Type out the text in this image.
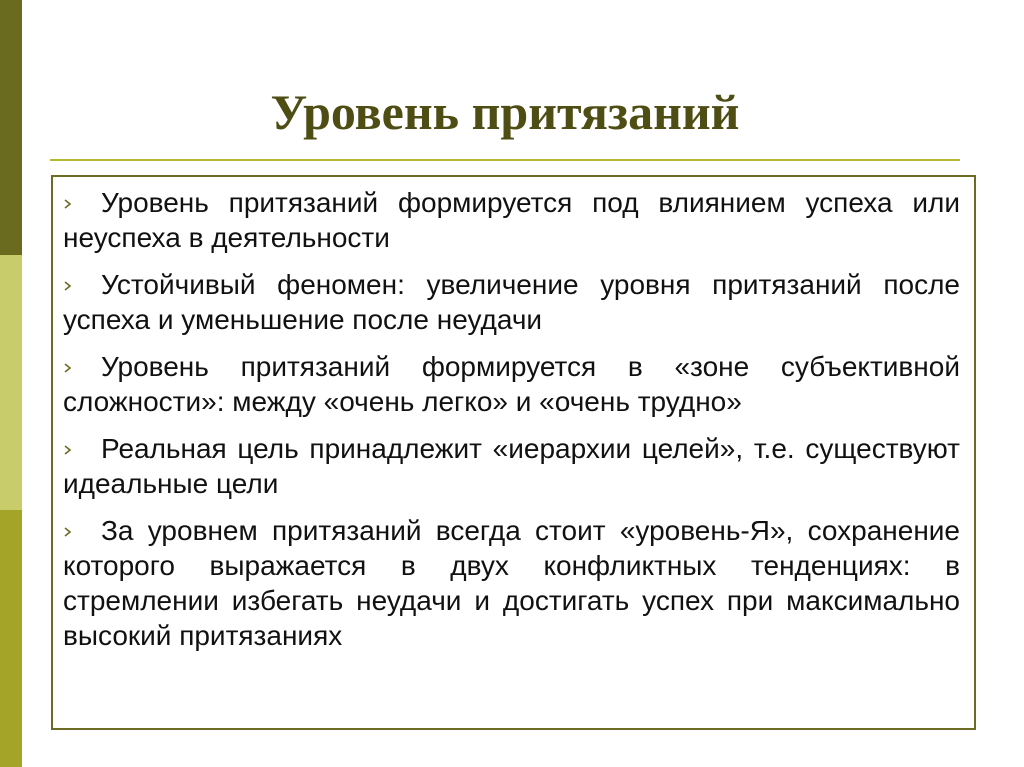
Уровень притязаний
Уровень притязаний формируется под влиянием успеха или неуспеха в деятельности
Устойчивый феномен: увеличение уровня притязаний после успеха и уменьшение после неудачи
Уровень притязаний формируется в «зоне субъективной сложности»: между «очень легко» и «очень трудно»
Реальная цель принадлежит «иерархии целей», т.е. существуют идеальные цели
За уровнем притязаний всегда стоит «уровень-Я», сохранение которого выражается в двух конфликтных тенденциях: в стремлении избегать неудачи и достигать успех при максимально высокий притязаниях
